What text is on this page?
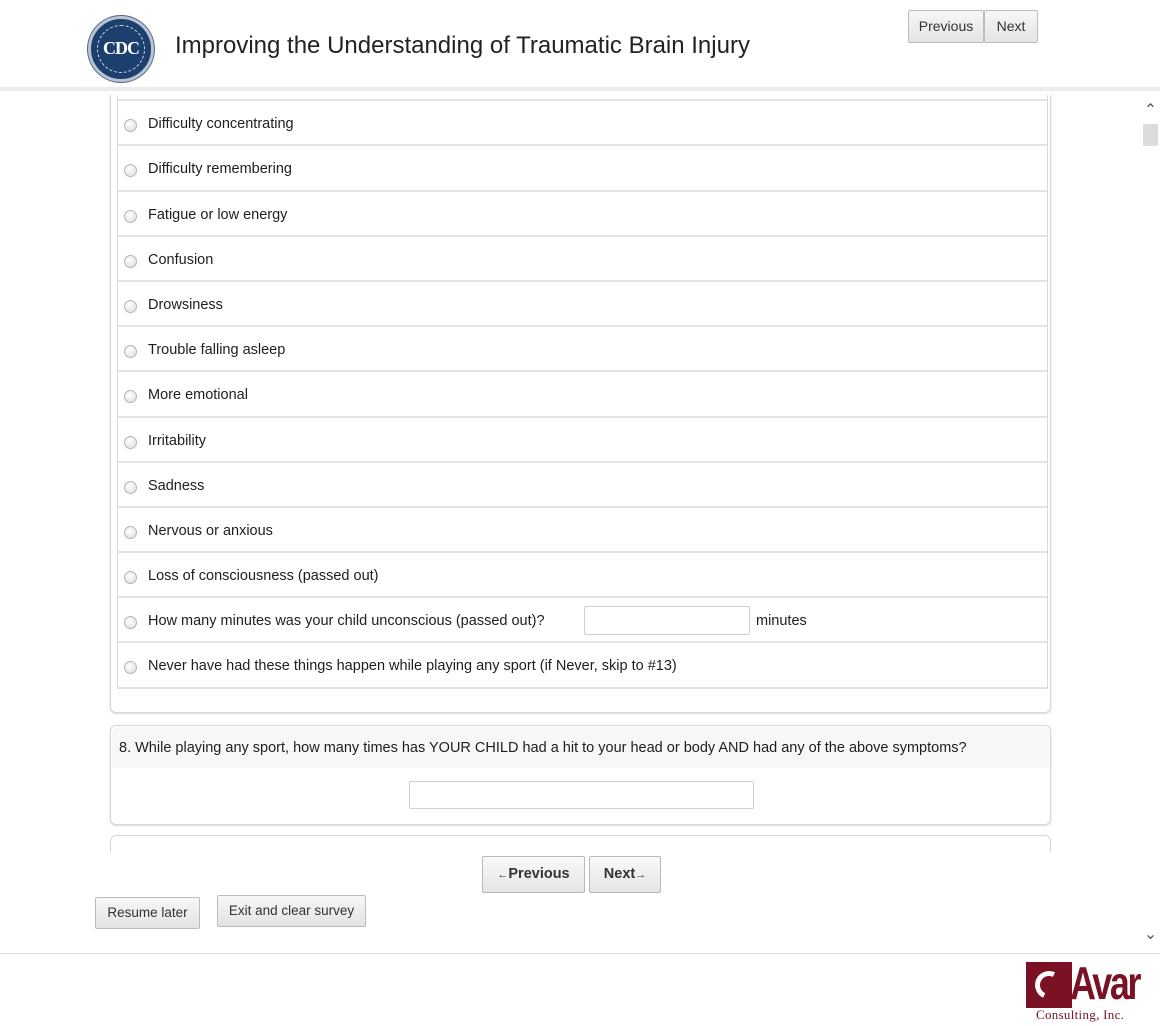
CDC	Improving the Understanding of Traumatic Brain Injury
Previous	Next
Difficulty concentrating
Difficulty remembering
Fatigue or low energy
Confusion
Drowsiness
Trouble falling asleep
More emotional
Irritability
Sadness
Nervous or anxious
Loss of consciousness (passed out)
How many minutes was your child unconscious (passed out)?	minutes
Never have had these things happen while playing any sport (if Never, skip to #13)
8. While playing any sport, how many times has YOUR CHILD had a hit to your head or body AND had any of the above symptoms?
⌃
⌄
←Previous	Next→
Resume later	Exit and clear survey
Avar
Consulting, Inc.
